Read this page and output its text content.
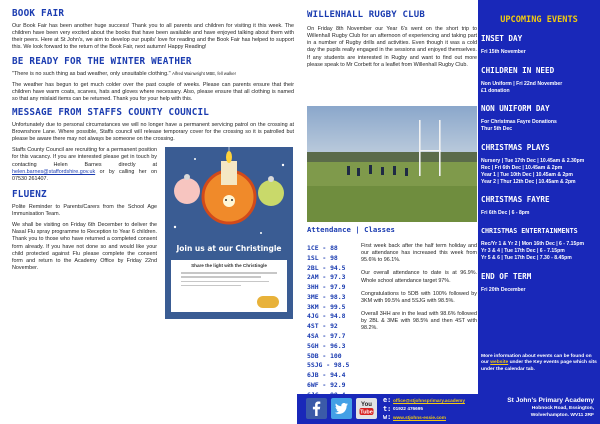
BOOK FAIR

Our Book Fair has been another huge success! Thank you to all parents and children for visiting it this week. The children have been very excited about the books that have been available and have enjoyed talking about them with their peers. Here at St John's, we aim to develop our pupils' love for reading and the Book Fair has helped to support this. We look forward to the return of the Book Fair, next autumn! Happy Reading!

BE READY FOR THE WINTER WEATHER

"There is no such thing as bad weather, only unsuitable clothing." Alfred Wainwright MBE, fell walker

The weather has begun to get much colder over the past couple of weeks. Please can parents ensure that their children have warm coats, scarves, hats and gloves where necessary. Also, please ensure that all clothing is named so that any mislaid items can be returned. Thank you for your help with this.

MESSAGE FROM STAFFS COUNTY COUNCIL

Unfortunately due to personal circumstances we will no longer have a permanent servicing patrol on the crossing at Brownshore Lane. Where possible, Staffs council will release temporary cover for the crossing so it is patrolled but please be aware there may not always be someone on the crossing.

Staffs County Council are recruiting for a permanent position for this vacancy. If you are interested please get in touch by contacting Helen Barnes directly at helen.barnes@staffordshire.gov.uk or by calling her on 07530 261407.

FLUENZ

Polite Reminder to Parents/Carers from the School Age Immunisation Team.

We shall be visiting on Friday 6th December to deliver the Nasal Flu spray programme to Reception to Year 6 children. Thank you to those who have returned a completed consent form already. If you have not done so and would like your child protected against Flu please complete the consent form and return to the Academy Office by Friday 22nd November.

Join us at our Christingle
Share the light with the Christingle
WILLENHALL RUGBY CLUB

On Friday 8th November our Year 6's went on the short trip to Willenhall Rugby Club for an afternoon of experiencing and taking part in a number of Rugby drills and activities. Even though it was a cold day the pupils really engaged in the sessions and enjoyed themselves. If any students are interested in Rugby and want to find out more please speak to Mr Corbett for a leaflet from Willenhall Rugby Club.

Attendance | Classes
1CE - 88
1SL - 98
2BL - 94.5
2AM - 97.3
3HH - 97.9
3ME - 98.3
3KM - 99.5
4JG - 94.8
4ST - 92
4SA - 97.7
5GH - 96.3
5DB - 100
5SJG - 98.5
6JB - 94.4
6WF - 92.9

First week back after the half term holiday and our attendance has increased this week from 95.6% to 96.1%.

Our overall attendance to date is at 96.9%. Whole school attendance target 97%.

Congratulations to 5DB with 100% followed by 3KM with 99.5% and 5SJG with 98.5%.

Overall 3HH are in the lead with 98.6% followed by 2BL & 3ME with 98.5% and then 4ST with 98.2%.

UPCOMING EVENTS
INSET DAY
Fri 15th November
CHILDREN IN NEED
Non Uniform | Fri 22nd November
£1 donation
NON UNIFORM DAY
For Christmas Fayre Donations
Thur 5th Dec
CHRISTMAS PLAYS
Nursery | Tue 17th Dec | 10.45am & 2.30pm
Rec | Fri 6th Dec | 10.45am & 2pm
Year 1 | Tue 10th Dec | 10.45am & 2pm
Year 2 | Thur 12th Dec | 10.45am & 2pm
CHRISTMAS FAYRE
Fri 6th Dec | 6 - 8pm
CHRISTMAS ENTERTAINMENTS
Rec/Yr 1 & Yr 2 | Mon 16th Dec | 6 - 7.15pm
Yr 3 & 4 | Tue 17th Dec | 6 - 7.15pm
Yr 5 & 6 | Tue 17th Dec | 7.30 - 8.45pm
END OF TERM
Fri 20th December
More information about events can be found on our website under the Key events page which sits under the calendar tab.
You
Tube
e: office@stjohnsprimary.academy
t: 01922 476695
w: www.stjohns-essie.com
St John's Primary Academy
Hobnock Road, Essington,
Wolverhampton. WV11 2RF
